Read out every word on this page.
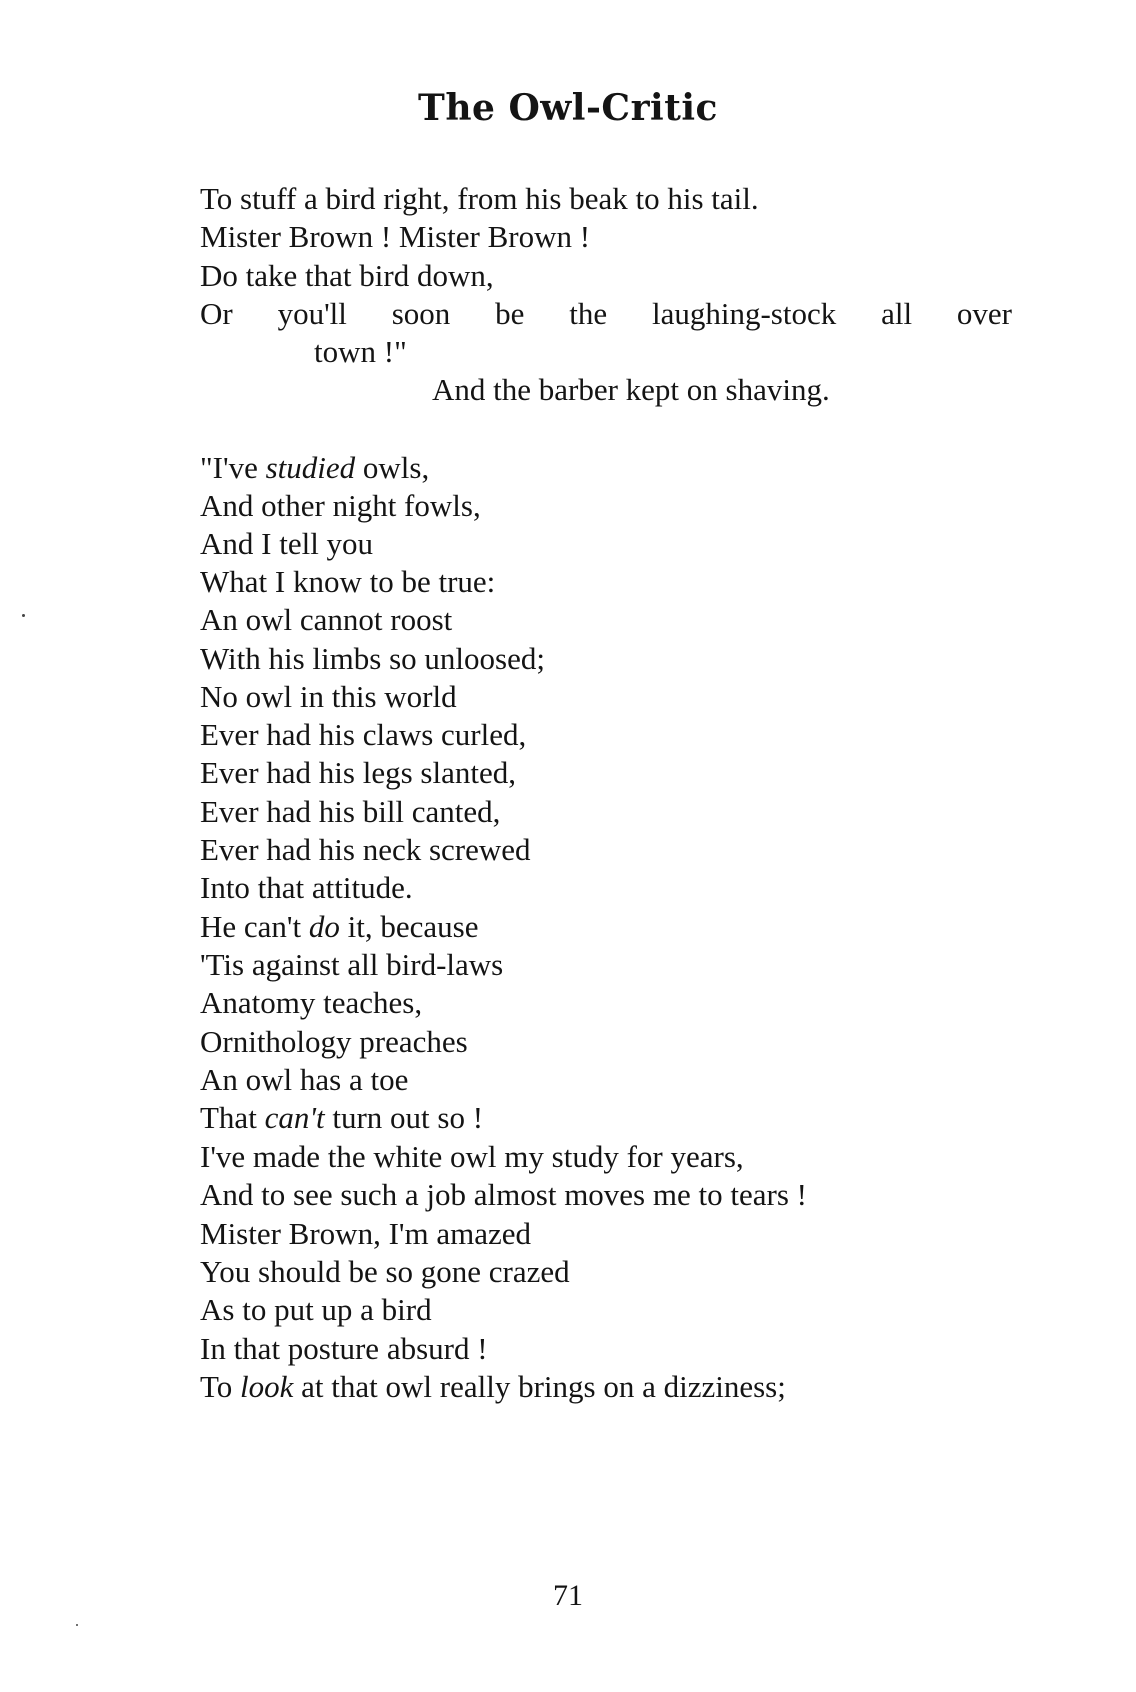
The Owl-Critic
To stuff a bird right, from his beak to his tail.
Mister Brown ! Mister Brown !
Do take that bird down,
Or you'll soon be the laughing-stock all over
town !"
And the barber kept on shaving.
"I've studied owls,
And other night fowls,
And I tell you
What I know to be true:
An owl cannot roost
With his limbs so unloosed;
No owl in this world
Ever had his claws curled,
Ever had his legs slanted,
Ever had his bill canted,
Ever had his neck screwed
Into that attitude.
He can't do it, because
'Tis against all bird-laws
Anatomy teaches,
Ornithology preaches
An owl has a toe
That can't turn out so !
I've made the white owl my study for years,
And to see such a job almost moves me to tears !
Mister Brown, I'm amazed
You should be so gone crazed
As to put up a bird
In that posture absurd !
To look at that owl really brings on a dizziness;
71
